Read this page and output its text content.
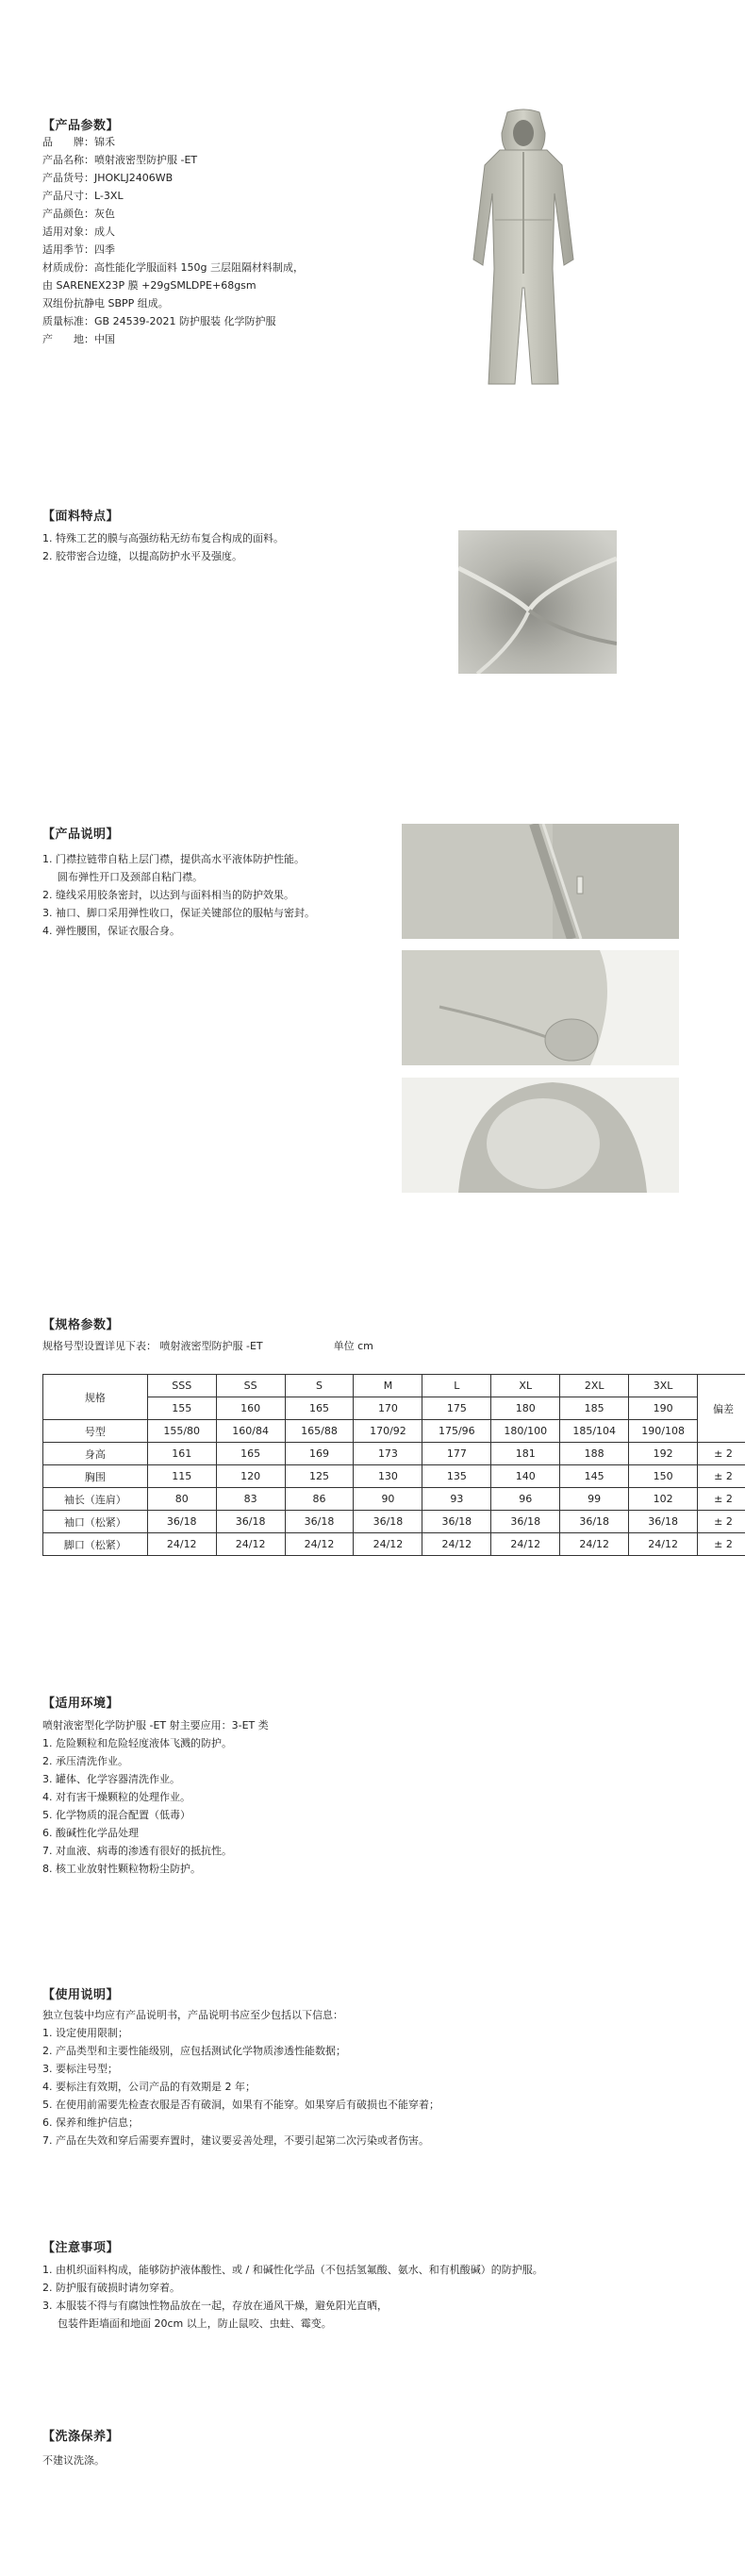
【产品参数】
品　　牌：锦禾
产品名称：喷射液密型防护服 -ET
产品货号：JHOKLJ2406WB
产品尺寸：L-3XL
产品颜色：灰色
适用对象：成人
适用季节：四季
材质成份：高性能化学服面料 150g 三层阻隔材料制成，
由 SARENEX23P 膜 +29gSMLDPE+68gsm
双组份抗静电 SBPP 组成。
质量标准：GB 24539-2021 防护服装 化学防护服
产　　地：中国
【面料特点】
1. 特殊工艺的膜与高强纺粘无纺布复合构成的面料。
2. 胶带密合边缝，以提高防护水平及强度。
【产品说明】
1. 门襟拉链带自粘上层门襟，提供高水平液体防护性能。
圆布弹性开口及颈部自粘门襟。
2. 缝线采用胶条密封，以达到与面料相当的防护效果。
3. 袖口、脚口采用弹性收口，保证关键部位的服帖与密封。
4. 弹性腰围，保证衣服合身。
【规格参数】
规格号型设置详见下表： 喷射液密型防护服 -ET	单位 cm
规格	SSS	SS	S	M	L	XL	2XL	3XL	偏差
	155	160	165	170	175	180	185	190	
号型	155/80	160/84	165/88	170/92	175/96	180/100	185/104	190/108	
身高	161	165	169	173	177	181	188	192	± 2
胸围	115	120	125	130	135	140	145	150	± 2
袖长（连肩）	80	83	86	90	93	96	99	102	± 2
袖口（松紧）	36/18	36/18	36/18	36/18	36/18	36/18	36/18	36/18	± 2
脚口（松紧）	24/12	24/12	24/12	24/12	24/12	24/12	24/12	24/12	± 2
【适用环境】
喷射液密型化学防护服 -ET 射主要应用：3-ET 类
1. 危险颗粒和危险轻度液体飞溅的防护。
2. 承压清洗作业。
3. 罐体、化学容器清洗作业。
4. 对有害干燥颗粒的处理作业。
5. 化学物质的混合配置（低毒）
6. 酸碱性化学品处理
7. 对血液、病毒的渗透有很好的抵抗性。
8. 核工业放射性颗粒物粉尘防护。
【使用说明】
独立包装中均应有产品说明书，产品说明书应至少包括以下信息：
1. 设定使用限制；
2. 产品类型和主要性能级别，应包括测试化学物质渗透性能数据；
3. 要标注号型；
4. 要标注有效期，公司产品的有效期是 2 年；
5. 在使用前需要先检查衣服是否有破洞，如果有不能穿。如果穿后有破损也不能穿着；
6. 保养和维护信息；
7. 产品在失效和穿后需要弃置时，建议要妥善处理，不要引起第二次污染或者伤害。
【注意事项】
1. 由机织面料构成，能够防护液体酸性、或 / 和碱性化学品（不包括氢氟酸、氨水、和有机酸碱）的防护服。
2. 防护服有破损时请勿穿着。
3. 本服装不得与有腐蚀性物品放在一起，存放在通风干燥，避免阳光直晒，
包装件距墙面和地面 20cm 以上，防止鼠咬、虫蛀、霉变。
【洗涤保养】
不建议洗涤。
